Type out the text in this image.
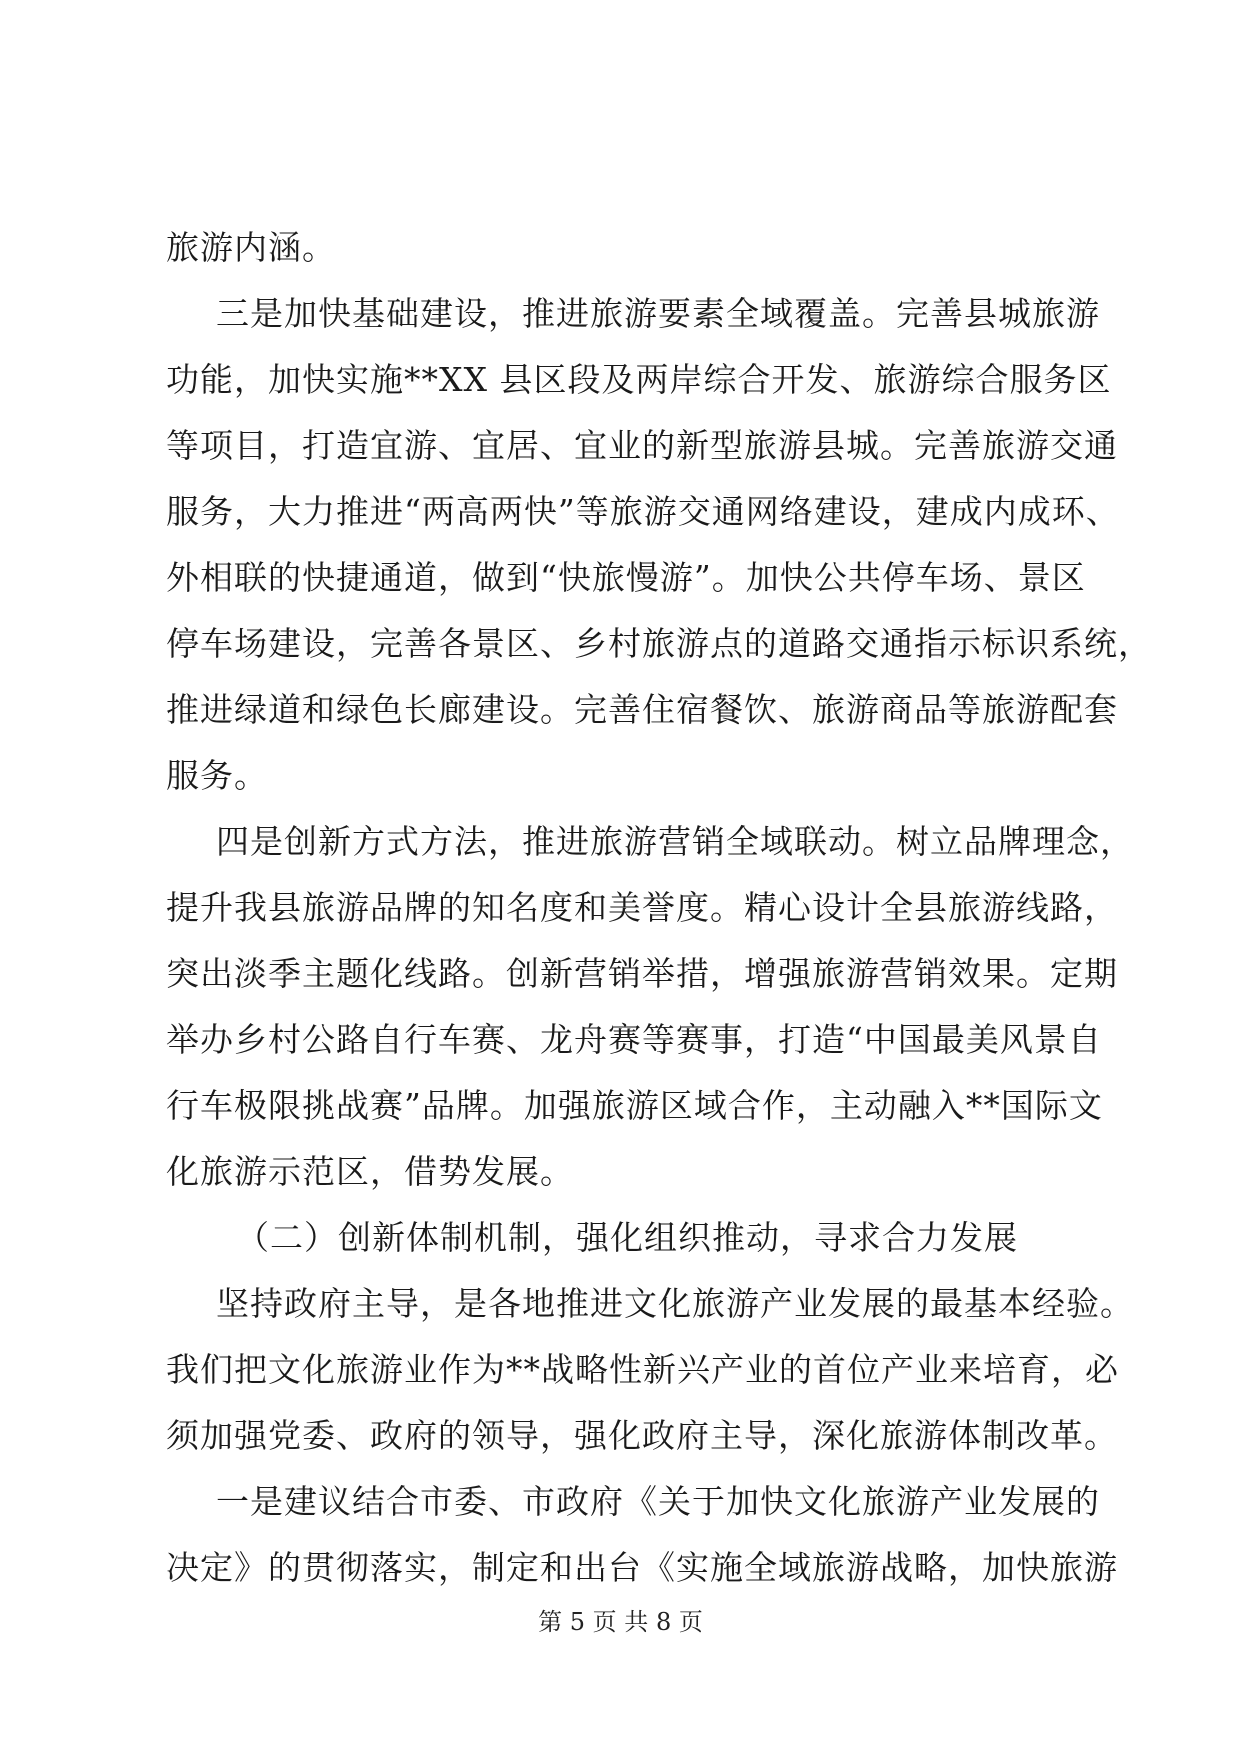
旅游内涵。
三是加快基础建设，推进旅游要素全域覆盖。完善县城旅游
功能，加快实施**XX 县区段及两岸综合开发、旅游综合服务区
等项目，打造宜游、宜居、宜业的新型旅游县城。完善旅游交通
服务，大力推进“两高两快”等旅游交通网络建设，建成内成环、
外相联的快捷通道，做到“快旅慢游”。加快公共停车场、景区
停车场建设，完善各景区、乡村旅游点的道路交通指示标识系统，
推进绿道和绿色长廊建设。完善住宿餐饮、旅游商品等旅游配套
服务。
四是创新方式方法，推进旅游营销全域联动。树立品牌理念，
提升我县旅游品牌的知名度和美誉度。精心设计全县旅游线路，
突出淡季主题化线路。创新营销举措，增强旅游营销效果。定期
举办乡村公路自行车赛、龙舟赛等赛事，打造“中国最美风景自
行车极限挑战赛”品牌。加强旅游区域合作，主动融入**国际文
化旅游示范区，借势发展。
（二）创新体制机制，强化组织推动，寻求合力发展
坚持政府主导，是各地推进文化旅游产业发展的最基本经验。
我们把文化旅游业作为**战略性新兴产业的首位产业来培育，必
须加强党委、政府的领导，强化政府主导，深化旅游体制改革。
一是建议结合市委、市政府《关于加快文化旅游产业发展的
决定》的贯彻落实，制定和出台《实施全域旅游战略，加快旅游
第 5 页 共 8 页
